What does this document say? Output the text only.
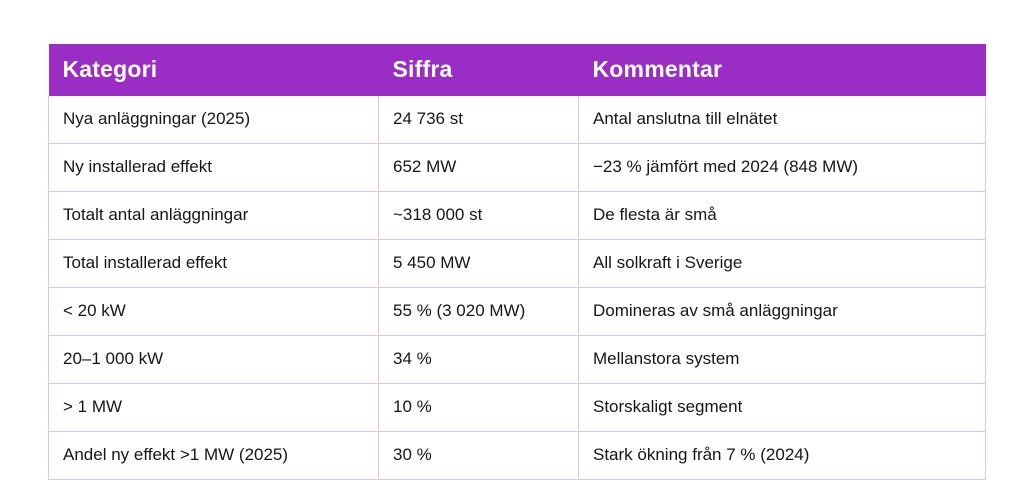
Kategori	Siffra	Kommentar
Nya anläggningar (2025)	24 736 st	Antal anslutna till elnätet
Ny installerad effekt	652 MW	−23 % jämfört med 2024 (848 MW)
Totalt antal anläggningar	~318 000 st	De flesta är små
Total installerad effekt	5 450 MW	All solkraft i Sverige
< 20 kW	55 % (3 020 MW)	Domineras av små anläggningar
20–1 000 kW	34 %	Mellanstora system
> 1 MW	10 %	Storskaligt segment
Andel ny effekt >1 MW (2025)	30 %	Stark ökning från 7 % (2024)
